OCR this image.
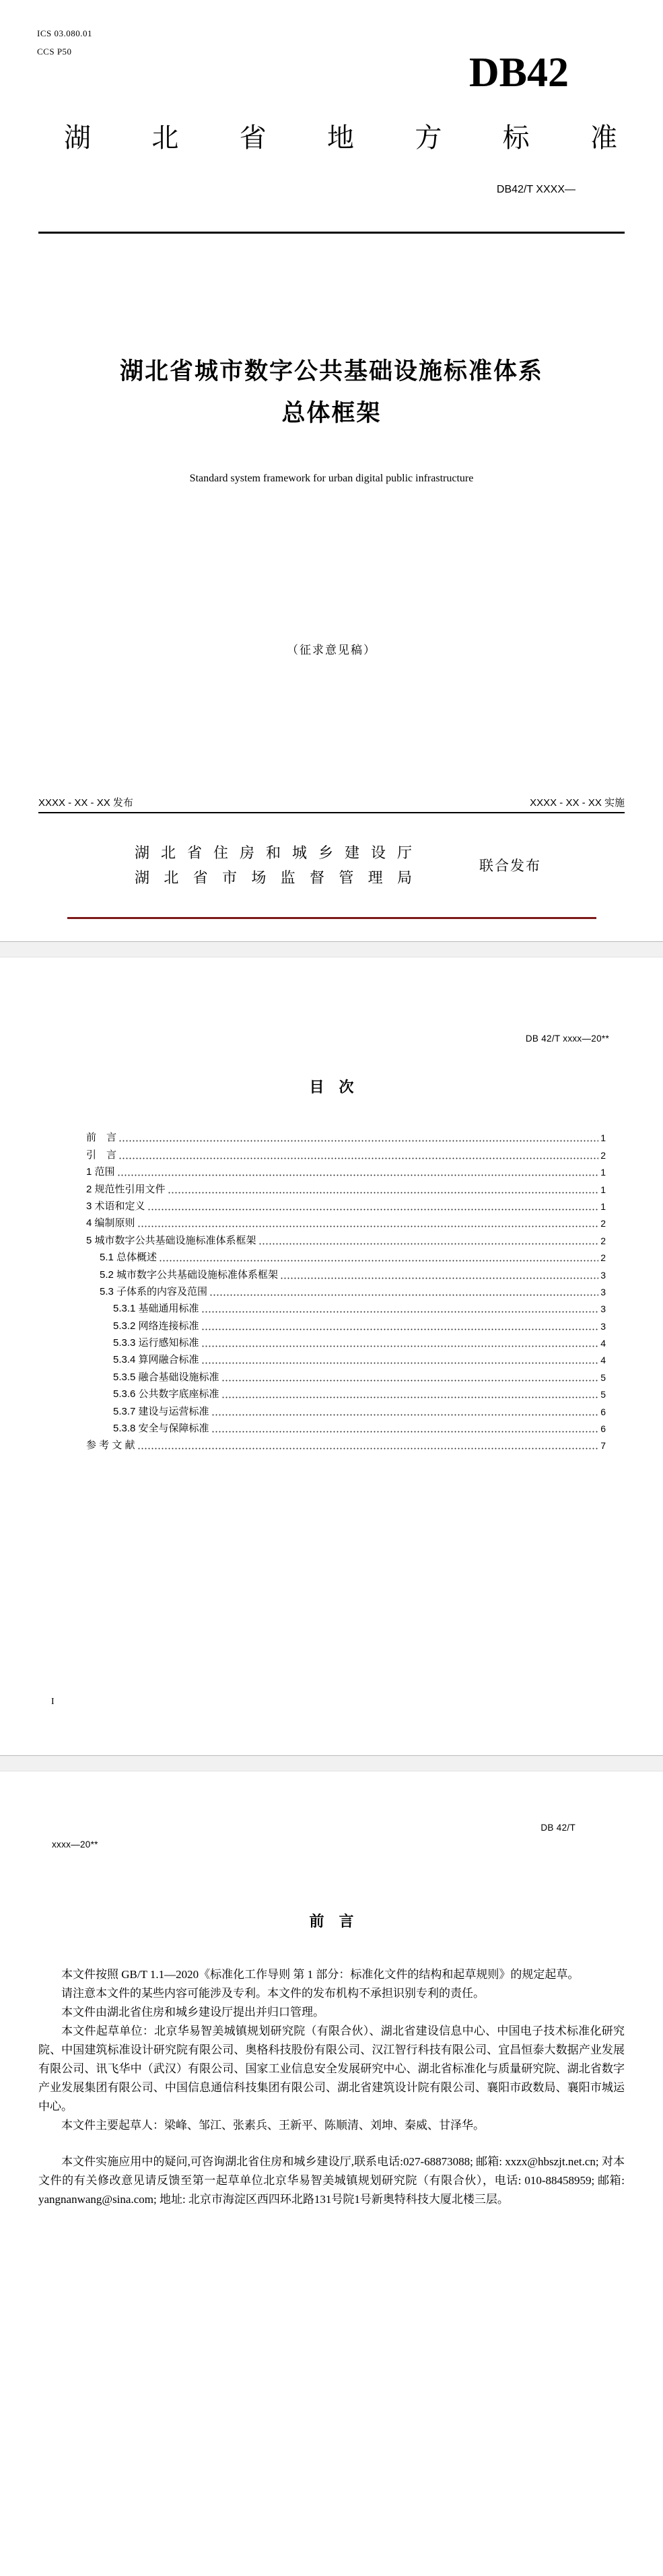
ICS 03.080.01
CCS P50	DB42
湖北省地方标准
DB42/T XXXX—
湖北省城市数字公共基础设施标准体系
总体框架
Standard system framework for urban digital public infrastructure
（征求意见稿）
XXXX - XX - XX 发布	XXXX - XX - XX 实施
湖北省住房和城乡建设厅
湖北省市场监督管理局
联合发布
DB 42/T xxxx—20**
目　次
前　言	1
引　言	2
1 范围	1
2 规范性引用文件	1
3 术语和定义	1
4 编制原则	2
5 城市数字公共基础设施标准体系框架	2
5.1 总体概述	2
5.2 城市数字公共基础设施标准体系框架	3
5.3 子体系的内容及范围	3
5.3.1 基础通用标准	3
5.3.2 网络连接标准	3
5.3.3 运行感知标准	4
5.3.4 算网融合标准	4
5.3.5 融合基础设施标准	5
5.3.6 公共数字底座标准	5
5.3.7 建设与运营标准	6
5.3.8 安全与保障标准	6
参 考 文 献	7
I
DB 42/T
xxxx—20**
前　言

本文件按照 GB/T 1.1—2020《标准化工作导则 第 1 部分：标准化文件的结构和起草规则》的规定起草。

请注意本文件的某些内容可能涉及专利。本文件的发布机构不承担识别专利的责任。

本文件由湖北省住房和城乡建设厅提出并归口管理。

本文件起草单位：北京华易智美城镇规划研究院（有限合伙）、湖北省建设信息中心、中国电子技术标准化研究院、中国建筑标准设计研究院有限公司、奥格科技股份有限公司、汉江智行科技有限公司、宜昌恒泰大数据产业发展有限公司、讯飞华中（武汉）有限公司、国家工业信息安全发展研究中心、湖北省标准化与质量研究院、湖北省数字产业发展集团有限公司、中国信息通信科技集团有限公司、湖北省建筑设计院有限公司、襄阳市政数局、襄阳市城运中心。

本文件主要起草人：梁峰、邹江、张素兵、王新平、陈顺清、刘坤、秦威、甘泽华。

本文件实施应用中的疑问,可咨询湖北省住房和城乡建设厅,联系电话:027-68873088; 邮箱: xxzx@hbszjt.net.cn; 对本文件的有关修改意见请反馈至第一起草单位北京华易智美城镇规划研究院（有限合伙），电话: 010-88458959; 邮箱: yangnanwang@sina.com; 地址: 北京市海淀区西四环北路131号院1号新奥特科技大厦北楼三层。
